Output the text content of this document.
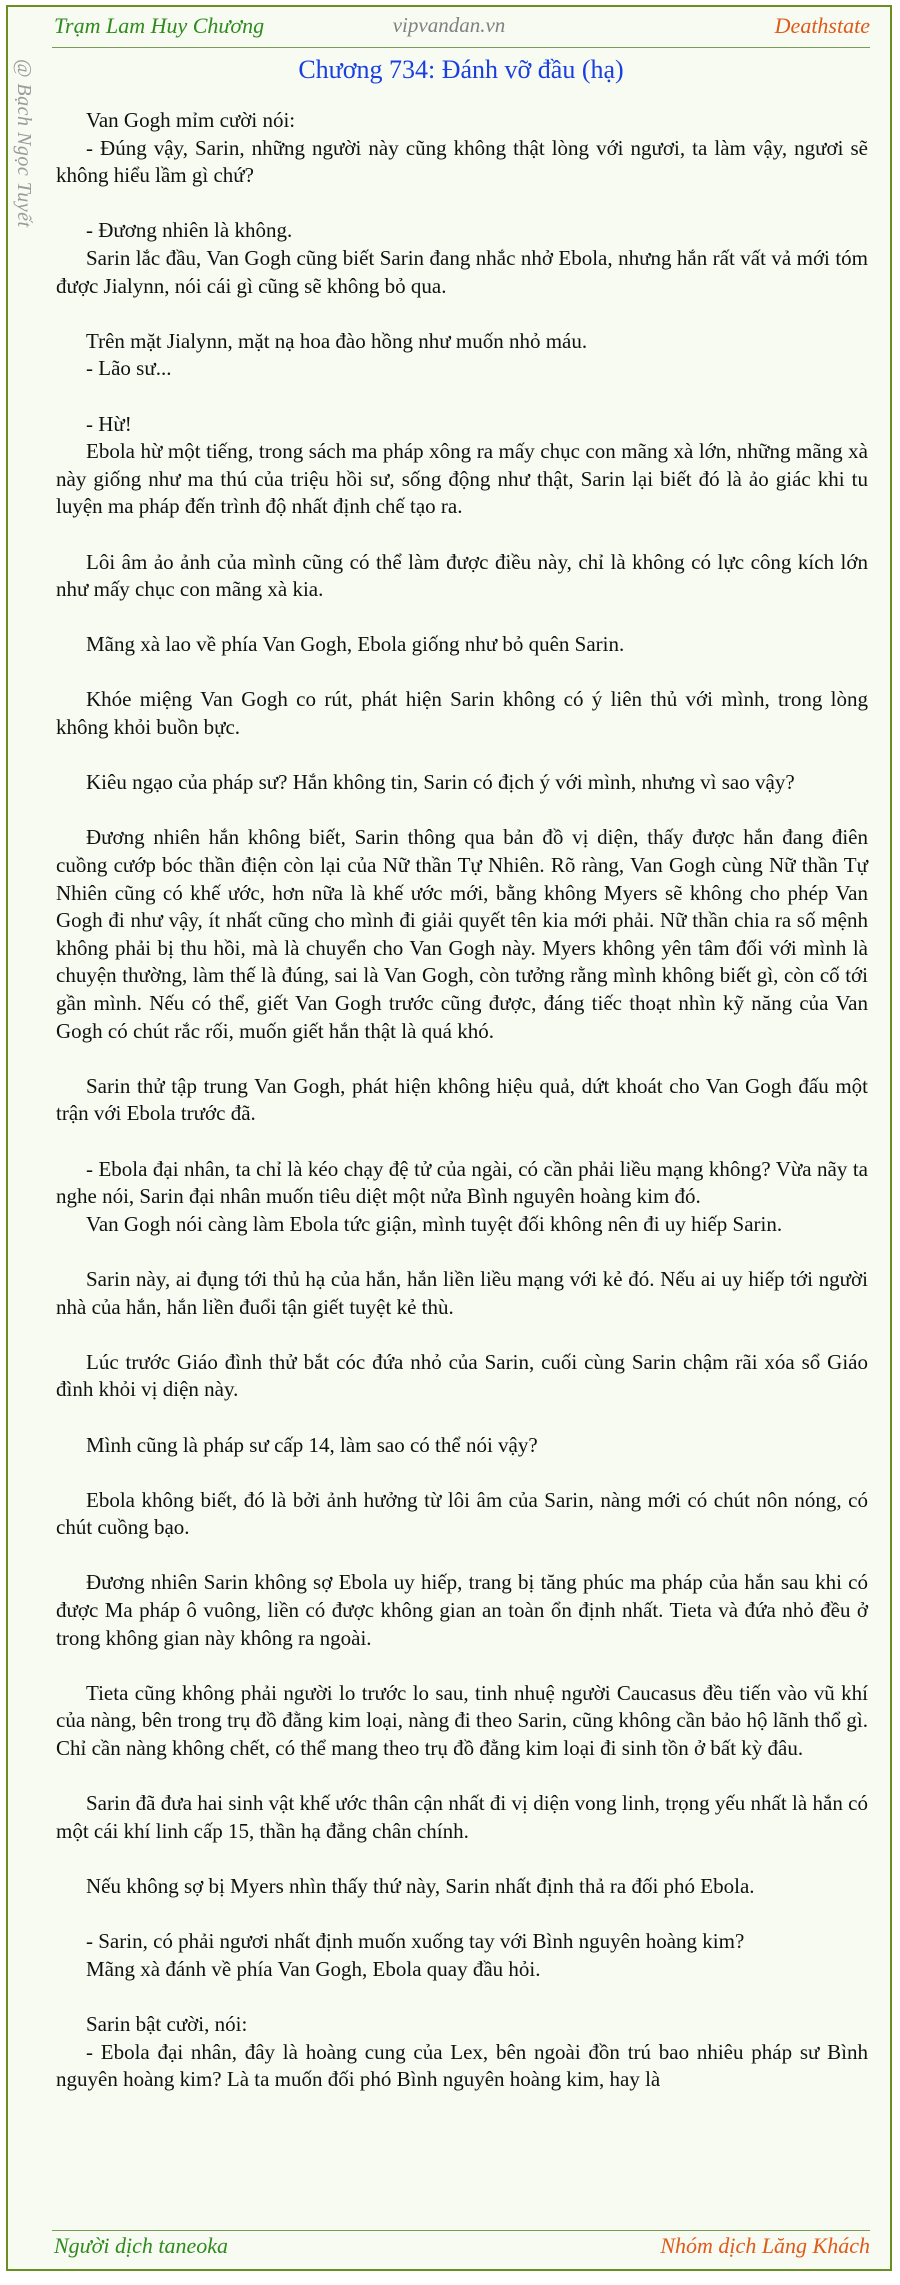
Trạm Lam Huy Chương	vipvandan.vn	Deathstate
@ Bạch Ngọc Tuyết	Chương 734: Đánh vỡ đầu (hạ)

Van Gogh mỉm cười nói:

- Đúng vậy, Sarin, những người này cũng không thật lòng với ngươi, ta làm vậy, ngươi sẽ không hiểu lầm gì chứ?

- Đương nhiên là không.

Sarin lắc đầu, Van Gogh cũng biết Sarin đang nhắc nhở Ebola, nhưng hắn rất vất vả mới tóm được Jialynn, nói cái gì cũng sẽ không bỏ qua.

Trên mặt Jialynn, mặt nạ hoa đào hồng như muốn nhỏ máu.

- Lão sư...

- Hừ!

Ebola hừ một tiếng, trong sách ma pháp xông ra mấy chục con mãng xà lớn, những mãng xà này giống như ma thú của triệu hồi sư, sống động như thật, Sarin lại biết đó là ảo giác khi tu luyện ma pháp đến trình độ nhất định chế tạo ra.

Lôi âm ảo ảnh của mình cũng có thể làm được điều này, chỉ là không có lực công kích lớn như mấy chục con mãng xà kia.

Mãng xà lao về phía Van Gogh, Ebola giống như bỏ quên Sarin.

Khóe miệng Van Gogh co rút, phát hiện Sarin không có ý liên thủ với mình, trong lòng không khỏi buồn bực.

Kiêu ngạo của pháp sư? Hắn không tin, Sarin có địch ý với mình, nhưng vì sao vậy?

Đương nhiên hắn không biết, Sarin thông qua bản đồ vị diện, thấy được hắn đang điên cuồng cướp bóc thần điện còn lại của Nữ thần Tự Nhiên. Rõ ràng, Van Gogh cùng Nữ thần Tự Nhiên cũng có khế ước, hơn nữa là khế ước mới, bằng không Myers sẽ không cho phép Van Gogh đi như vậy, ít nhất cũng cho mình đi giải quyết tên kia mới phải. Nữ thần chia ra số mệnh không phải bị thu hồi, mà là chuyển cho Van Gogh này. Myers không yên tâm đối với mình là chuyện thường, làm thế là đúng, sai là Van Gogh, còn tưởng rằng mình không biết gì, còn cố tới gần mình. Nếu có thể, giết Van Gogh trước cũng được, đáng tiếc thoạt nhìn kỹ năng của Van Gogh có chút rắc rối, muốn giết hắn thật là quá khó.

Sarin thử tập trung Van Gogh, phát hiện không hiệu quả, dứt khoát cho Van Gogh đấu một trận với Ebola trước đã.

- Ebola đại nhân, ta chỉ là kéo chạy đệ tử của ngài, có cần phải liều mạng không? Vừa nãy ta nghe nói, Sarin đại nhân muốn tiêu diệt một nửa Bình nguyên hoàng kim đó.

Van Gogh nói càng làm Ebola tức giận, mình tuyệt đối không nên đi uy hiếp Sarin.

Sarin này, ai đụng tới thủ hạ của hắn, hắn liền liều mạng với kẻ đó. Nếu ai uy hiếp tới người nhà của hắn, hắn liền đuổi tận giết tuyệt kẻ thù.

Lúc trước Giáo đình thử bắt cóc đứa nhỏ của Sarin, cuối cùng Sarin chậm rãi xóa sổ Giáo đình khỏi vị diện này.

Mình cũng là pháp sư cấp 14, làm sao có thể nói vậy?

Ebola không biết, đó là bởi ảnh hưởng từ lôi âm của Sarin, nàng mới có chút nôn nóng, có chút cuồng bạo.

Đương nhiên Sarin không sợ Ebola uy hiếp, trang bị tăng phúc ma pháp của hắn sau khi có được Ma pháp ô vuông, liền có được không gian an toàn ổn định nhất. Tieta và đứa nhỏ đều ở trong không gian này không ra ngoài.

Tieta cũng không phải người lo trước lo sau, tinh nhuệ người Caucasus đều tiến vào vũ khí của nàng, bên trong trụ đồ đằng kim loại, nàng đi theo Sarin, cũng không cần bảo hộ lãnh thổ gì. Chỉ cần nàng không chết, có thể mang theo trụ đồ đằng kim loại đi sinh tồn ở bất kỳ đâu.

Sarin đã đưa hai sinh vật khế ước thân cận nhất đi vị diện vong linh, trọng yếu nhất là hắn có một cái khí linh cấp 15, thần hạ đẳng chân chính.

Nếu không sợ bị Myers nhìn thấy thứ này, Sarin nhất định thả ra đối phó Ebola.

- Sarin, có phải ngươi nhất định muốn xuống tay với Bình nguyên hoàng kim?

Mãng xà đánh về phía Van Gogh, Ebola quay đầu hỏi.

Sarin bật cười, nói:

- Ebola đại nhân, đây là hoàng cung của Lex, bên ngoài đồn trú bao nhiêu pháp sư Bình nguyên hoàng kim? Là ta muốn đối phó Bình nguyên hoàng kim, hay là

Người dịch taneoka	Nhóm dịch Lăng Khách
